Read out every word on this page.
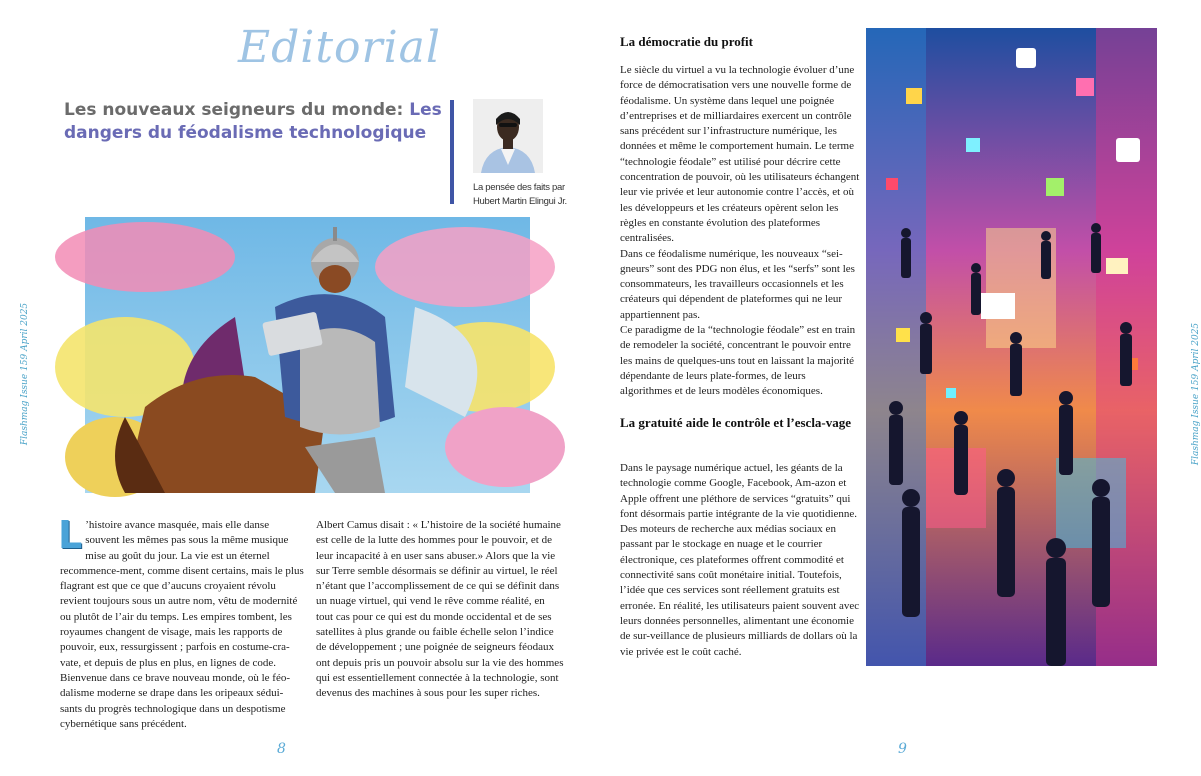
Editorial
Les nouveaux seigneurs du monde: Les dangers du féodalisme technologique
La pensée des faits par Hubert Martin Elingui Jr.
Flashmag Issue 159 April 2025
L ’histoire avance masquée, mais elle danse souvent les mêmes pas sous la même musique mise au goût du jour. La vie est un éternel recommence-ment, comme disent certains, mais le plus flagrant est que ce que d’aucuns croyaient révolu revient toujours sous un autre nom, vêtu de modernité ou plutôt de l’air du temps. Les empires tombent, les royaumes changent de visage, mais les rapports de pouvoir, eux, ressurgissent ; parfois en costume-cra-vate, et depuis de plus en plus, en lignes de code. Bienvenue dans ce brave nouveau monde, où le féo-dalisme moderne se drape dans les oripeaux sédui-sants du progrès technologique dans un despotisme cybernétique sans précédent.

Albert Camus disait : « L’histoire de la société humaine est celle de la lutte des hommes pour le pouvoir, et de leur incapacité à en user sans abuser.» Alors que la vie sur Terre semble désormais se définir au virtuel, le réel n’étant que l’accomplissement de ce qui se définit dans un nuage virtuel, qui vend le rêve comme réalité, en tout cas pour ce qui est du monde occidental et de ses satellites à plus grande ou faible échelle selon l’indice de développement ; une poignée de seigneurs féodaux ont depuis pris un pouvoir absolu sur la vie des hommes qui est essentiellement connectée à la technologie, sont devenus des machines à sous pour les super riches.

8
La démocratie du profit

Le siècle du virtuel a vu la technologie évoluer d’une force de démocratisation vers une nouvelle forme de féodalisme. Un système dans lequel une poignée d’entreprises et de milliardaires exercent un contrôle sans précédent sur l’infrastructure numérique, les données et même le comportement humain. Le terme “technologie féodale” est utilisé pour décrire cette concentration de pouvoir, où les utilisateurs échangent leur vie privée et leur autonomie contre l’accès, et où les développeurs et les créateurs opèrent selon les règles en constante évolution des plateformes centralisées.
Dans ce féodalisme numérique, les nouveaux “sei-gneurs” sont des PDG non élus, et les “serfs” sont les consommateurs, les travailleurs occasionnels et les créateurs qui dépendent de plateformes qui ne leur appartiennent pas.
Ce paradigme de la “technologie féodale” est en train de remodeler la société, concentrant le pouvoir entre les mains de quelques-uns tout en laissant la majorité dépendante de leurs plate-formes, de leurs algorithmes et de leurs modèles économiques.

La gratuité aide le contrôle et l’escla-vage

Dans le paysage numérique actuel, les géants de la technologie comme Google, Facebook, Am-azon et Apple offrent une pléthore de services “gratuits” qui font désormais partie intégrante de la vie quotidienne. Des moteurs de recherche aux médias sociaux en passant par le stockage en nuage et le courrier électronique, ces plateformes offrent commodité et connectivité sans coût monétaire initial. Toutefois, l’idée que ces services sont réellement gratuits est erronée. En réalité, les utilisateurs paient souvent avec leurs données personnelles, alimentant une économie de sur-veillance de plusieurs milliards de dollars où la vie privée est le coût caché.

Flashmag Issue 159 April 2025
9
